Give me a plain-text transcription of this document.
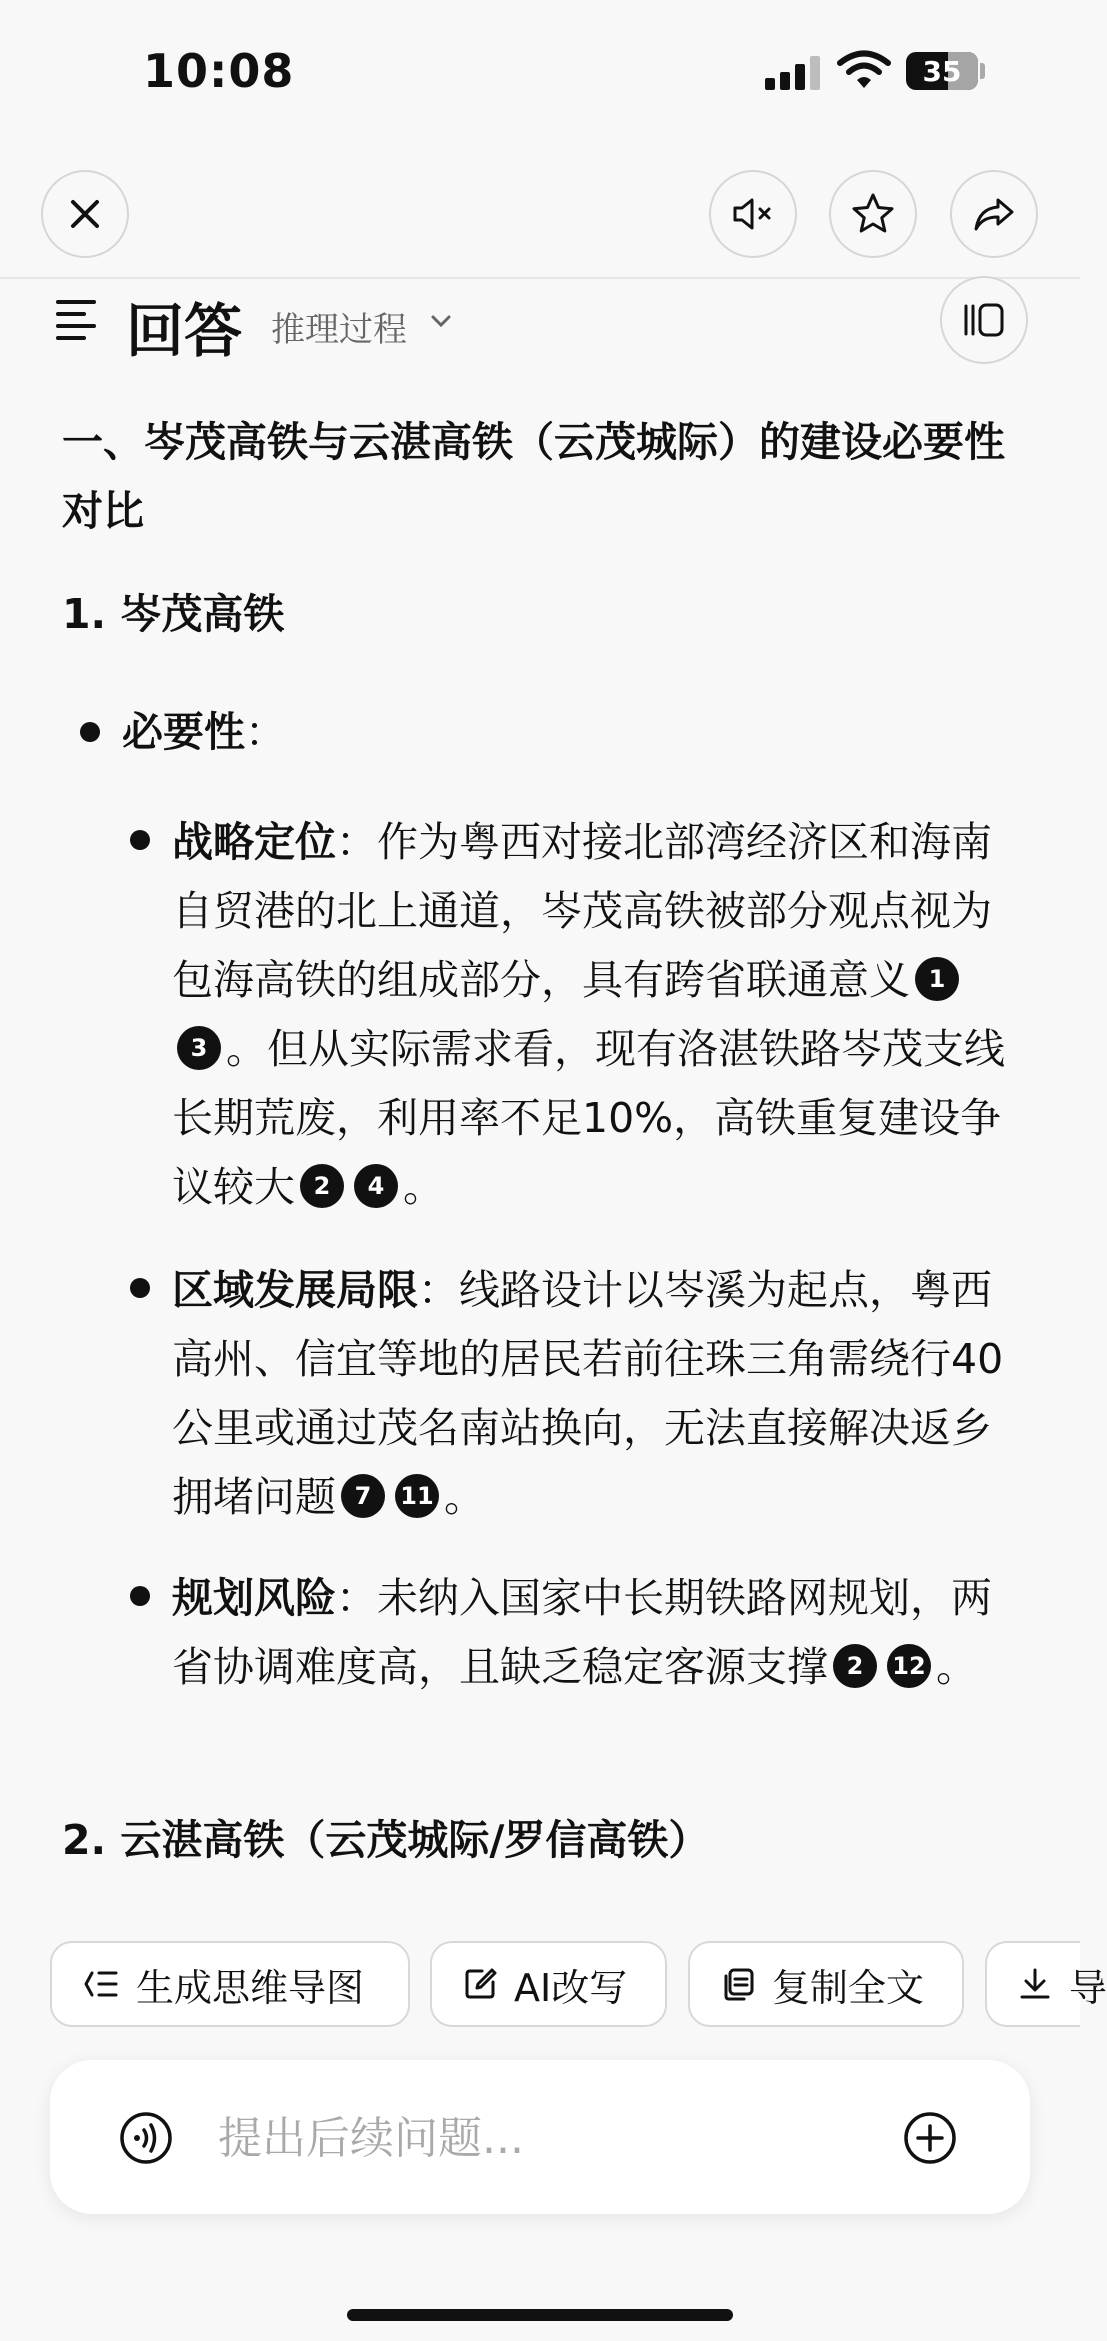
10:08	35
回答 推理过程
一、岑茂高铁与云湛高铁（云茂城际）的建设必要性对比
1. 岑茂高铁
必要性：
战略定位：作为粤西对接北部湾经济区和海南自贸港的北上通道，岑茂高铁被部分观点视为包海高铁的组成部分，具有跨省联通意义 13 。但从实际需求看，现有洛湛铁路岑茂支线长期荒废，利用率不足10%，高铁重复建设争议较大 2 4 。
区域发展局限：线路设计以岑溪为起点，粤西高州、信宜等地的居民若前往珠三角需绕行40公里或通过茂名南站换向，无法直接解决返乡拥堵问题 7 11 。
规划风险：未纳入国家中长期铁路网规划，两省协调难度高，且缺乏稳定客源支撑 2 12 。
2. 云湛高铁（云茂城际/罗信高铁）
生成思维导图	AI改写	复制全文	导
提出后续问题...
